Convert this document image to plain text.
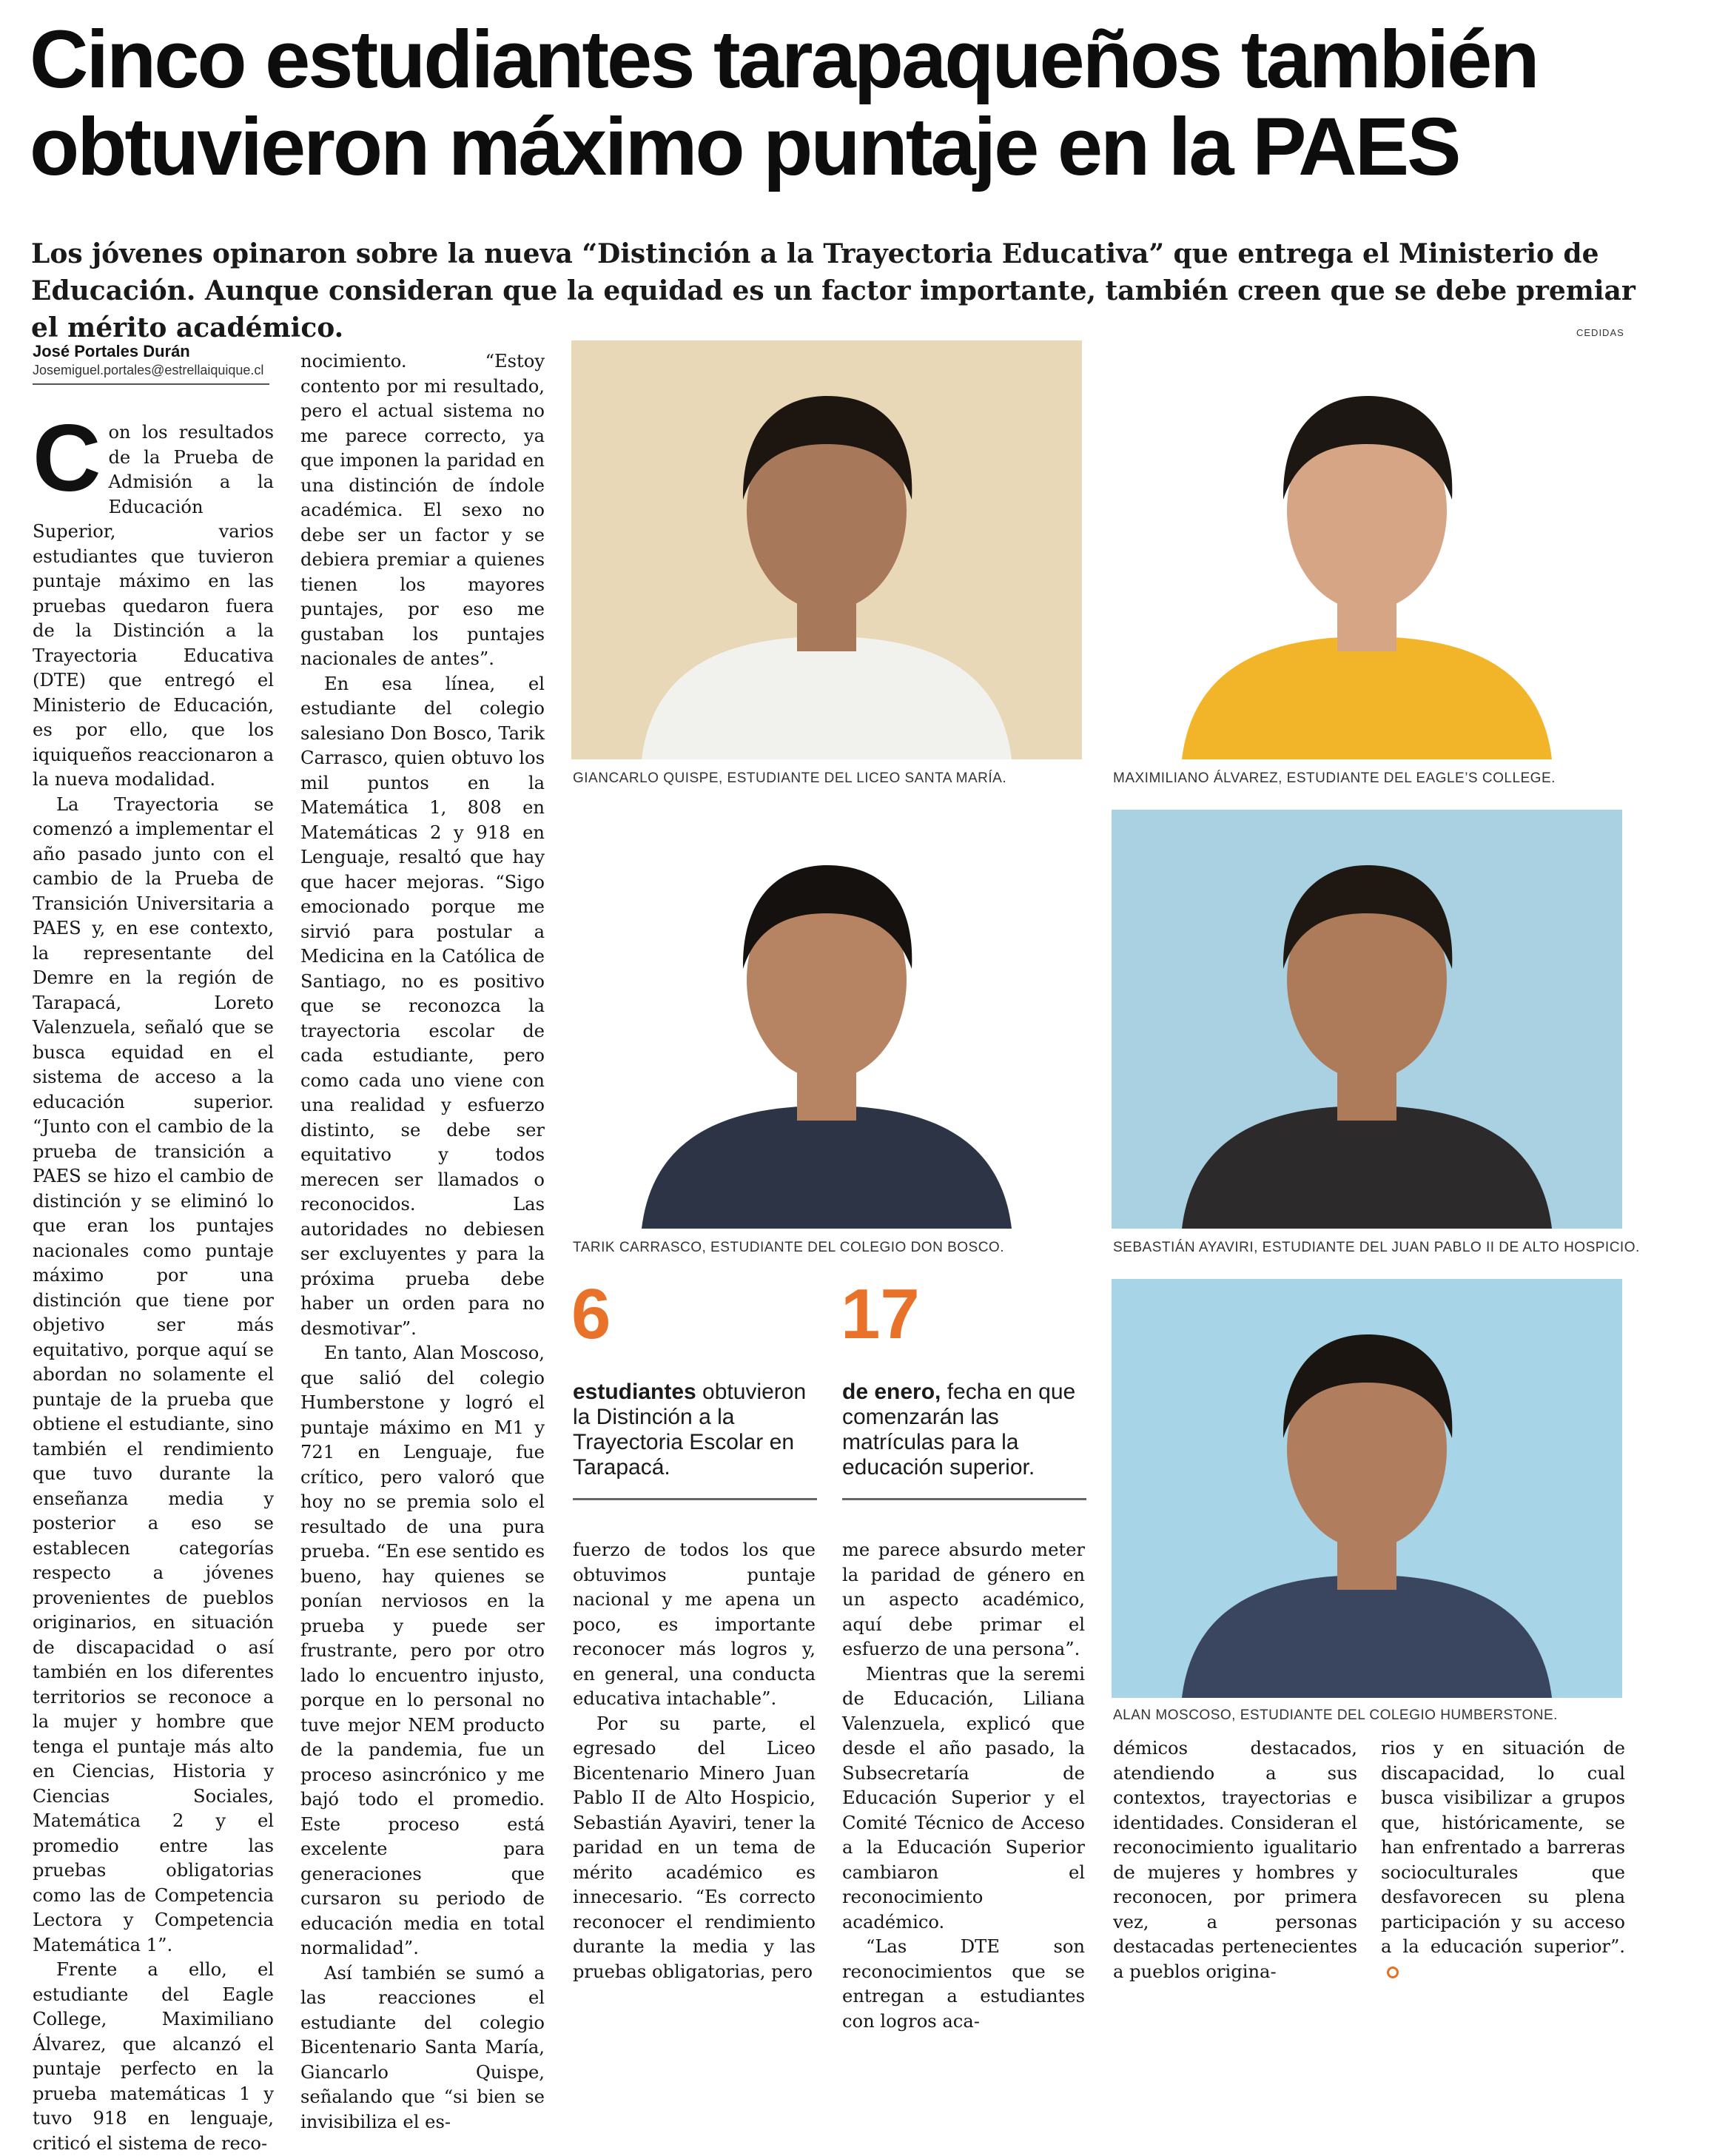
Cinco estudiantes tarapaqueños también obtuvieron máximo puntaje en la PAES

Los jóvenes opinaron sobre la nueva “Distinción a la Trayectoria Educativa” que entrega el Ministerio de Educación. Aunque consideran que la equidad es un factor importante, también creen que se debe premiar el mérito académico.	CEDIDAS
José Portales Durán
Josemiguel.portales@estrellaiquique.cl

Con los resultados de la Prueba de Admisión a la Educación Superior, varios estudiantes que tuvieron puntaje máximo en las pruebas quedaron fuera de la Distinción a la Trayectoria Educativa (DTE) que entregó el Ministerio de Educación, es por ello, que los iquiqueños reaccionaron a la nueva modalidad.

La Trayectoria se comenzó a implementar el año pasado junto con el cambio de la Prueba de Transición Universitaria a PAES y, en ese contexto, la representante del Demre en la región de Tarapacá, Loreto Valenzuela, señaló que se busca equidad en el sistema de acceso a la educación superior. “Junto con el cambio de la prueba de transición a PAES se hizo el cambio de distinción y se eliminó lo que eran los puntajes nacionales como puntaje máximo por una distinción que tiene por objetivo ser más equitativo, porque aquí se abordan no solamente el puntaje de la prueba que obtiene el estudiante, sino también el rendimiento que tuvo durante la enseñanza media y posterior a eso se establecen categorías respecto a jóvenes provenientes de pueblos originarios, en situación de discapacidad o así también en los diferentes territorios se reconoce a la mujer y hombre que tenga el puntaje más alto en Ciencias, Historia y Ciencias Sociales, Matemática 2 y el promedio entre las pruebas obligatorias como las de Competencia Lectora y Competencia Matemática 1”.

Frente a ello, el estudiante del Eagle College, Maximiliano Álvarez, que alcanzó el puntaje perfecto en la prueba matemáticas 1 y tuvo 918 en lenguaje, criticó el sistema de reco-

nocimiento. “Estoy contento por mi resultado, pero el actual sistema no me parece correcto, ya que imponen la paridad en una distinción de índole académica. El sexo no debe ser un factor y se debiera premiar a quienes tienen los mayores puntajes, por eso me gustaban los puntajes nacionales de antes”.

En esa línea, el estudiante del colegio salesiano Don Bosco, Tarik Carrasco, quien obtuvo los mil puntos en la Matemática 1, 808 en Matemáticas 2 y 918 en Lenguaje, resaltó que hay que hacer mejoras. “Sigo emocionado porque me sirvió para postular a Medicina en la Católica de Santiago, no es positivo que se reconozca la trayectoria escolar de cada estudiante, pero como cada uno viene con una realidad y esfuerzo distinto, se debe ser equitativo y todos merecen ser llamados o reconocidos. Las autoridades no debiesen ser excluyentes y para la próxima prueba debe haber un orden para no desmotivar”.

En tanto, Alan Moscoso, que salió del colegio Humberstone y logró el puntaje máximo en M1 y 721 en Lenguaje, fue crítico, pero valoró que hoy no se premia solo el resultado de una pura prueba. “En ese sentido es bueno, hay quienes se ponían nerviosos en la prueba y puede ser frustrante, pero por otro lado lo encuentro injusto, porque en lo personal no tuve mejor NEM producto de la pandemia, fue un proceso asincrónico y me bajó todo el promedio. Este proceso está excelente para generaciones que cursaron su periodo de educación media en total normalidad”.

Así también se sumó a las reacciones el estudiante del colegio Bicentenario Santa María, Giancarlo Quispe, señalando que “si bien se invisibiliza el es-

GIANCARLO QUISPE, ESTUDIANTE DEL LICEO SANTA MARÍA.	MAXIMILIANO ÁLVAREZ, ESTUDIANTE DEL EAGLE’S COLLEGE.
TARIK CARRASCO, ESTUDIANTE DEL COLEGIO DON BOSCO.	SEBASTIÁN AYAVIRI, ESTUDIANTE DEL JUAN PABLO II DE ALTO HOSPICIO.
ALAN MOSCOSO, ESTUDIANTE DEL COLEGIO HUMBERSTONE.
6
estudiantes obtuvieron la Distinción a la Trayectoria Escolar en Tarapacá.
17
de enero, fecha en que comenzarán las matrículas para la educación superior.

fuerzo de todos los que obtuvimos puntaje nacional y me apena un poco, es importante reconocer más logros y, en general, una conducta educativa intachable”.

Por su parte, el egresado del Liceo Bicentenario Minero Juan Pablo II de Alto Hospicio, Sebastián Ayaviri, tener la paridad en un tema de mérito académico es innecesario. “Es correcto reconocer el rendimiento durante la media y las pruebas obligatorias, pero

me parece absurdo meter la paridad de género en un aspecto académico, aquí debe primar el esfuerzo de una persona”.

Mientras que la seremi de Educación, Liliana Valenzuela, explicó que desde el año pasado, la Subsecretaría de Educación Superior y el Comité Técnico de Acceso a la Educación Superior cambiaron el reconocimiento académico.

“Las DTE son reconocimientos que se entregan a estudiantes con logros aca-

démicos destacados, atendiendo a sus contextos, trayectorias e identidades. Consideran el reconocimiento igualitario de mujeres y hombres y reconocen, por primera vez, a personas destacadas pertenecientes a pueblos origina-

rios y en situación de discapacidad, lo cual busca visibilizar a grupos que, históricamente, se han enfrentado a barreras socioculturales que desfavorecen su plena participación y su acceso a la educación superior”.
